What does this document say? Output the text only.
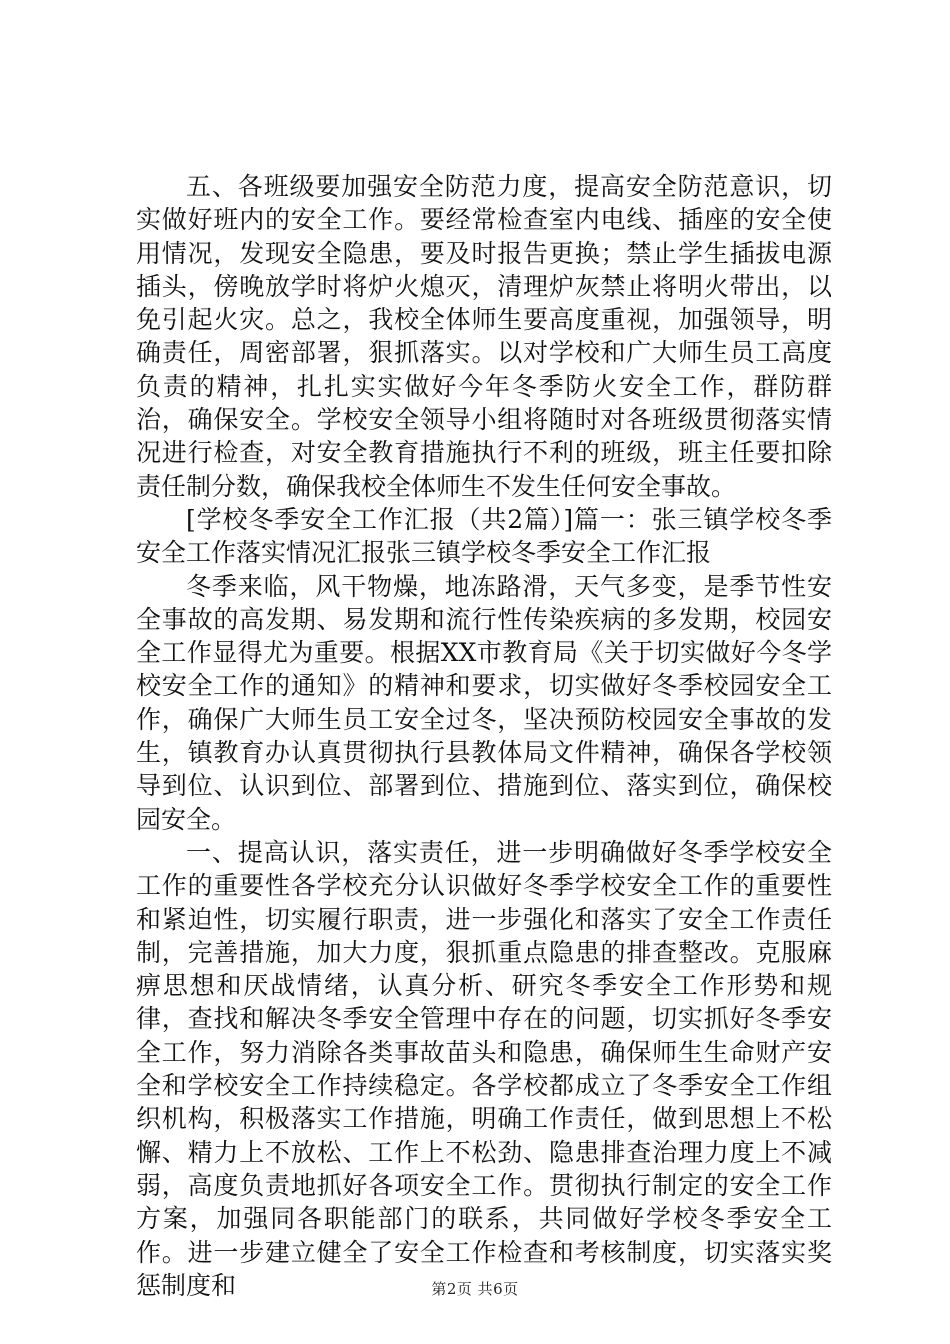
五、各班级要加强安全防范力度，提高安全防范意识，切实做好班内的安全工作。要经常检查室内电线、插座的安全使用情况，发现安全隐患，要及时报告更换；禁止学生插拔电源插头，傍晚放学时将炉火熄灭，清理炉灰禁止将明火带出，以免引起火灾。总之，我校全体师生要高度重视，加强领导，明确责任，周密部署，狠抓落实。以对学校和广大师生员工高度负责的精神，扎扎实实做好今年冬季防火安全工作，群防群治，确保安全。学校安全领导小组将随时对各班级贯彻落实情况进行检查，对安全教育措施执行不利的班级，班主任要扣除责任制分数，确保我校全体师生不发生任何安全事故。

[学校冬季安全工作汇报（共2篇）]篇一：张三镇学校冬季安全工作落实情况汇报张三镇学校冬季安全工作汇报

冬季来临，风干物燥，地冻路滑，天气多变，是季节性安全事故的高发期、易发期和流行性传染疾病的多发期，校园安全工作显得尤为重要。根据XX市教育局《关于切实做好今冬学校安全工作的通知》的精神和要求，切实做好冬季校园安全工作，确保广大师生员工安全过冬，坚决预防校园安全事故的发生，镇教育办认真贯彻执行县教体局文件精神，确保各学校领导到位、认识到位、部署到位、措施到位、落实到位，确保校园安全。

一、提高认识，落实责任，进一步明确做好冬季学校安全工作的重要性各学校充分认识做好冬季学校安全工作的重要性和紧迫性，切实履行职责，进一步强化和落实了安全工作责任制，完善措施，加大力度，狠抓重点隐患的排查整改。克服麻痹思想和厌战情绪，认真分析、研究冬季安全工作形势和规律，查找和解决冬季安全管理中存在的问题，切实抓好冬季安全工作，努力消除各类事故苗头和隐患，确保师生生命财产安全和学校安全工作持续稳定。各学校都成立了冬季安全工作组织机构，积极落实工作措施，明确工作责任，做到思想上不松懈、精力上不放松、工作上不松劲、隐患排查治理力度上不减弱，高度负责地抓好各项安全工作。贯彻执行制定的安全工作方案，加强同各职能部门的联系，共同做好学校冬季安全工作。进一步建立健全了安全工作检查和考核制度，切实落实奖惩制度和	第2页 共6页
